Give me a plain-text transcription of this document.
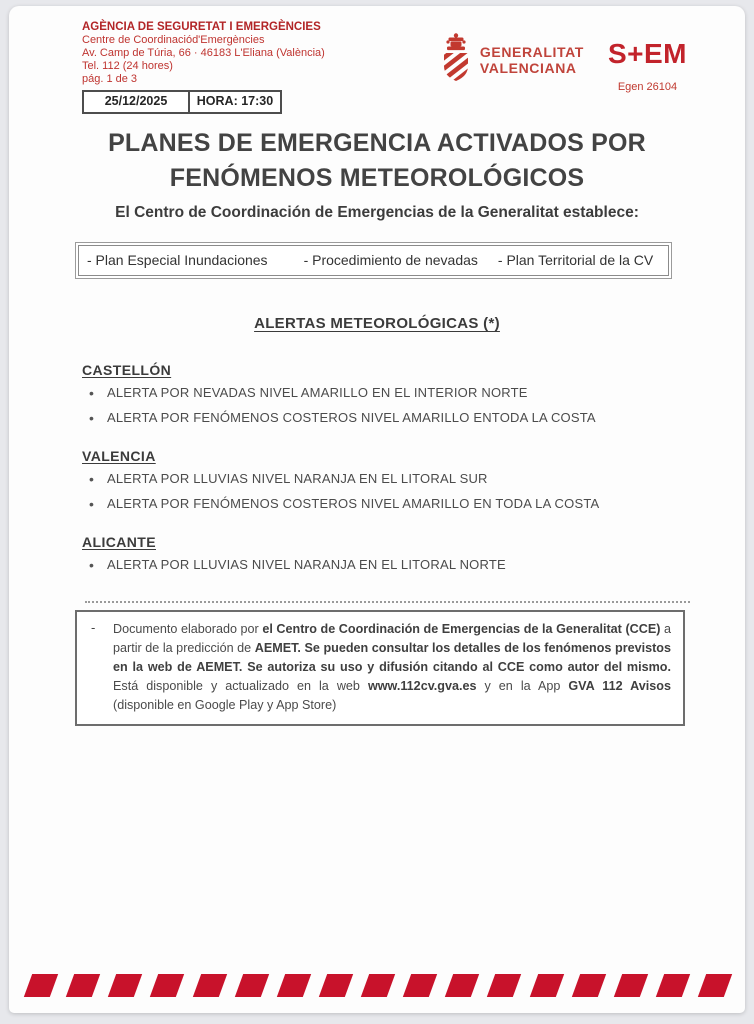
AGÈNCIA DE SEGURETAT I EMERGÈNCIES
Centre de Coordinaciód'Emergències
Av. Camp de Túria, 66 · 46183 L'Eliana (València)
Tel. 112 (24 hores)
pág. 1 de 3
25/12/2025	HORA: 17:30
GENERALITAT
VALENCIANA S+EM
Egen 26104
PLANES DE EMERGENCIA ACTIVADOS POR
FENÓMENOS METEOROLÓGICOS
El Centro de Coordinación de Emergencias de la Generalitat establece:
- Plan Especial Inundaciones	- Procedimiento de nevadas - Plan Territorial de la CV
ALERTAS METEOROLÓGICAS (*)
CASTELLÓN
•
ALERTA POR NEVADAS NIVEL AMARILLO EN EL INTERIOR NORTE
•
ALERTA POR FENÓMENOS COSTEROS NIVEL AMARILLO ENTODA LA COSTA
VALENCIA
•
ALERTA POR LLUVIAS NIVEL NARANJA EN EL LITORAL SUR
•
ALERTA POR FENÓMENOS COSTEROS NIVEL AMARILLO EN TODA LA COSTA
ALICANTE
•
ALERTA POR LLUVIAS NIVEL NARANJA EN EL LITORAL NORTE
-	Documento elaborado por el Centro de Coordinación de Emergencias de la Generalitat (CCE) a partir de la predicción de AEMET. Se pueden consultar los detalles de los fenómenos previstos en la web de AEMET. Se autoriza su uso y difusión citando al CCE como autor del mismo. Está disponible y actualizado en la web www.112cv.gva.es y en la App GVA 112 Avisos (disponible en Google Play y App Store)
